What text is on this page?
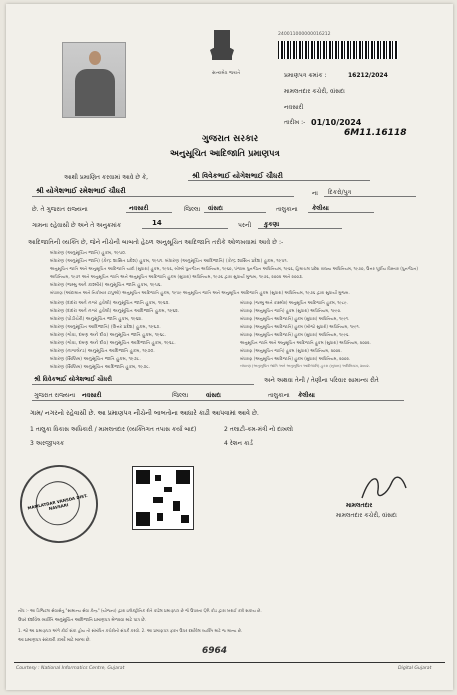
સત્યમેવ જયતે
240011000000016212
પ્રમાણપત્ર ક્રમાંક :	16212/2024
મામલતદાર કચેરી, વાંસદા
નવસારી
તારીખ :- 01/10/2024
6M11.16118
ગુજરાત સરકાર
અનુસૂચિત આદિજાતિ પ્રમાણપત્ર
આથી પ્રમાણિત કરવામાં આવે છે કે,	શ્રી વિવેકભાઈ યોગેશભાઈ ચૌધરી
શ્રી યોગેશભાઈ રમેશભાઈ ચૌધરી	ના દિકરો/પુત્ર
છે. તે ગુજરાત રાજ્યના	નવસારી	જિલ્લા વાંસદા	તાલુકાના કેલીયા
ગામના રહેવાસી છે અને તે અનુક્રમાંક	14	પરની કુકણા
આદિજાતિની વ્યક્તિ છે, જેને નીચેની બાબતો હેઠળ અનુસૂચિત આદિજાતિ તરીકે ઓળખવામાં આવે છે :-
બંધારણ (અનુસૂચિત જાતિ) હુકમ, ૧૯૫૦.
બંધારણ (અનુસૂચિત જાતિ) (કેન્દ્ર શાસિત પ્રદેશ) હુકમ, ૧૯૫૧. બંધારણ (અનુસૂચિત આદિજાતિ) (કેન્દ્ર શાસિત પ્રદેશ) હુકમ, ૧૯૫૧.
અનુસૂચિત જાતિ અને અનુસૂચિત આદિજાતિ યાદી (સુધારા) હુકમ, ૧૯૫૬, બોમ્બે પુનર્ગઠન અધિનિયમ, ૧૯૬૦, પંજાબ પુનર્ગઠન અધિનિયમ, ૧૯૬૬, હિમાચલ પ્રદેશ રાજ્ય અધિનિયમ, ૧૯૭૦, ઉત્તર પૂર્વીય વિસ્તાર (પુનર્ગઠન)
અધિનિયમ, ૧૯૭૧ અને અનુસૂચિત જાતિ અને અનુસૂચિત આદિજાતિ હુકમ (સુધારા) અધિનિયમ, ૧૯૭૬ દ્વારા સુધાર્યા મુજબ, ૧૯૭૬, ૨૦૦૨ અને ૨૦૦૩.
બંધારણ (જમ્મુ અને કાશ્મીર) અનુસૂચિત જાતિ હુકમ, ૧૯૫૬.
બંધારણ (આંદામાન અને નિકોબાર ટાપુઓ) અનુસૂચિત આદિજાતિ હુકમ, ૧૯૫૯ અનુસૂચિત જાતિ અને અનુસૂચિત આદિજાતિ હુકમ (સુધારા) અધિનિયમ, ૧૯૭૬ દ્વારા સુધાર્યા મુજબ.
બંધારણ (દાદરા અને નગર હવેલી) અનુસૂચિત જાતિ હુકમ, ૧૯૬૨.
બંધારણ (દાદરા અને નગર હવેલી) અનુસૂચિત આદિજાતિ હુકમ, ૧૯૬૨.
બંધારણ (પોંડીચેરી) અનુસૂચિત જાતિ હુકમ, ૧૯૬૪.
બંધારણ (અનુસૂચિત આદિજાતિ) (ઉત્તર પ્રદેશ) હુકમ, ૧૯૬૭.
બંધારણ (ગોવા, દમણ અને દીવ) અનુસૂચિત જાતિ હુકમ, ૧૯૬૮.
બંધારણ (ગોવા, દમણ અને દીવ) અનુસૂચિત આદિજાતિ હુકમ, ૧૯૬૮.
બંધારણ (નાગાલેન્ડ) અનુસૂચિત આદિજાતિ હુકમ, ૧૯૭૦.
બંધારણ (સિક્કિમ) અનુસૂચિત જાતિ હુકમ, ૧૯૭૮.
બંધારણ (સિક્કિમ) અનુસૂચિત આદિજાતિ હુકમ, ૧૯૭૮.
બંધારણ (જમ્મુ અને કાશ્મીર) અનુસૂચિત આદિજાતિ હુકમ, ૧૯૮૯.
બંધારણ (અનુસૂચિત જાતિ) હુકમ (સુધારા) અધિનિયમ, ૧૯૯૦.
બંધારણ (અનુસૂચિત આદિજાતિ) હુકમ (સુધારા) અધિનિયમ, ૧૯૯૧.
બંધારણ (અનુસૂચિત આદિજાતિ) હુકમ (બીજો સુધારો) અધિનિયમ, ૧૯૯૧.
બંધારણ (અનુસૂચિત આદિજાતિ) હુકમ (સુધારા) અધિનિયમ, ૧૯૯૬.
અનુસૂચિત જાતિ અને અનુસૂચિત આદિજાતિ હુકમ (સુધારા) અધિનિયમ, ૨૦૦૨.
બંધારણ (અનુસૂચિત જાતિ) હુકમ (સુધારા) અધિનિયમ, ૨૦૦૨.
બંધારણ (અનુસૂચિત આદિજાતિ) હુકમ (સુધારા) અધિનિયમ, ૨૦૦૨.
બંધારણ (અનુસૂચિત જાતિ અને અનુસૂચિત આદિજાતિ) હુકમ (સુધારા) અધિનિયમ, ૨૦૦૨.
શ્રી વિવેકભાઈ યોગેશભાઈ ચૌધરી	અને અથવા તેની / તેણીના પરિવાર સામાન્ય રીતે
ગુજરાત રાજ્યના નવસારી	જિલ્લા	વાંસદા	તાલુકાના કેલીયા
ગામ/ નગરનો રહેવાસી છે. આ પ્રમાણપત્ર નીચેની બાબતોના આધારે કાઢી આપવામાં આવે છે.
1 તાલુકા વિકાસ અધિકારી / મામલતદાર (વ્યક્તિગત તપાસ કર્યા બાદ)	2 તલાટી-કમ-મંત્રી નો દાખલો
3 અરજીપત્રક	4 રેશન કાર્ડ
MAMLATDAR VANSDA DIST. NAVSARI	મામલતદાર
મામલતદાર કચેરી, વાંસદા
નોંધ :- આ ડિજિટલ સેવાસેતુ "સામાન્ય સેવા કેન્દ્ર" (યોજના) દ્વારા ઇલેક્ટ્રોનિક રીતે કાઢેલ પ્રમાણપત્ર છે જે ઉપરના QR કોડ દ્વારા ખરાઈ કરી શકાય છે.
ઉપર દર્શાવેલ વ્યક્તિ અનુસૂચિત આદિજાતિ પ્રમાણપત્ર મેળવવા માટે પાત્ર છે.
1. જો આ પ્રમાણપત્ર અંગે કોઈ શંકા હોય તો સંબંધિત કચેરીનો સંપર્ક કરવો. 2. આ પ્રમાણપત્ર ફક્ત ઉપર દર્શાવેલ વ્યક્તિ માટે જ માન્ય છે.
આ પ્રમાણપત્ર સરકારી કાર્યો માટે માન્ય છે.
6964
Courtesy : National Informatics Centre, Gujarat	Digital Gujarat
